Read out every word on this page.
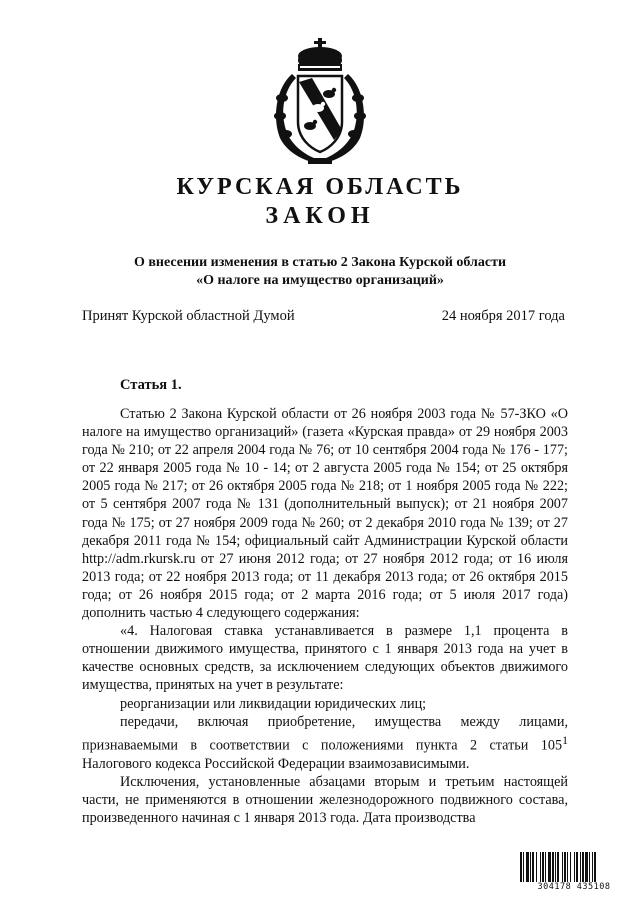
КУРСКАЯ ОБЛАСТЬ
ЗАКОН
О внесении изменения в статью 2 Закона Курской области
«О налоге на имущество организаций»
Принят Курской областной Думой	24 ноября 2017 года
Статья 1.

Статью 2 Закона Курской области от 26 ноября 2003 года № 57-ЗКО «О налоге на имущество организаций» (газета «Курская правда» от 29 ноября 2003 года № 210; от 22 апреля 2004 года № 76; от 10 сентября 2004 года № 176 - 177; от 22 января 2005 года № 10 - 14; от 2 августа 2005 года № 154; от 25 октября 2005 года № 217; от 26 октября 2005 года № 218; от 1 ноября 2005 года № 222; от 5 сентября 2007 года № 131 (дополнительный выпуск); от 21 ноября 2007 года № 175; от 27 ноября 2009 года № 260; от 2 декабря 2010 года № 139; от 27 декабря 2011 года № 154; официальный сайт Администрации Курской области http://adm.rkursk.ru от 27 июня 2012 года; от 27 ноября 2012 года; от 16 июля 2013 года; от 22 ноября 2013 года; от 11 декабря 2013 года; от 26 октября 2015 года; от 26 ноября 2015 года; от 2 марта 2016 года; от 5 июля 2017 года) дополнить частью 4 следующего содержания:

«4. Налоговая ставка устанавливается в размере 1,1 процента в отношении движимого имущества, принятого с 1 января 2013 года на учет в качестве основных средств, за исключением следующих объектов движимого имущества, принятых на учет в результате:

реорганизации или ликвидации юридических лиц;

передачи, включая приобретение, имущества между лицами, признаваемыми в соответствии с положениями пункта 2 статьи $105^1$ Налогового кодекса Российской Федерации взаимозависимыми.

Исключения, установленные абзацами вторым и третьим настоящей части, не применяются в отношении железнодорожного подвижного состава, произведенного начиная с 1 января 2013 года. Дата производства

304178 435108
